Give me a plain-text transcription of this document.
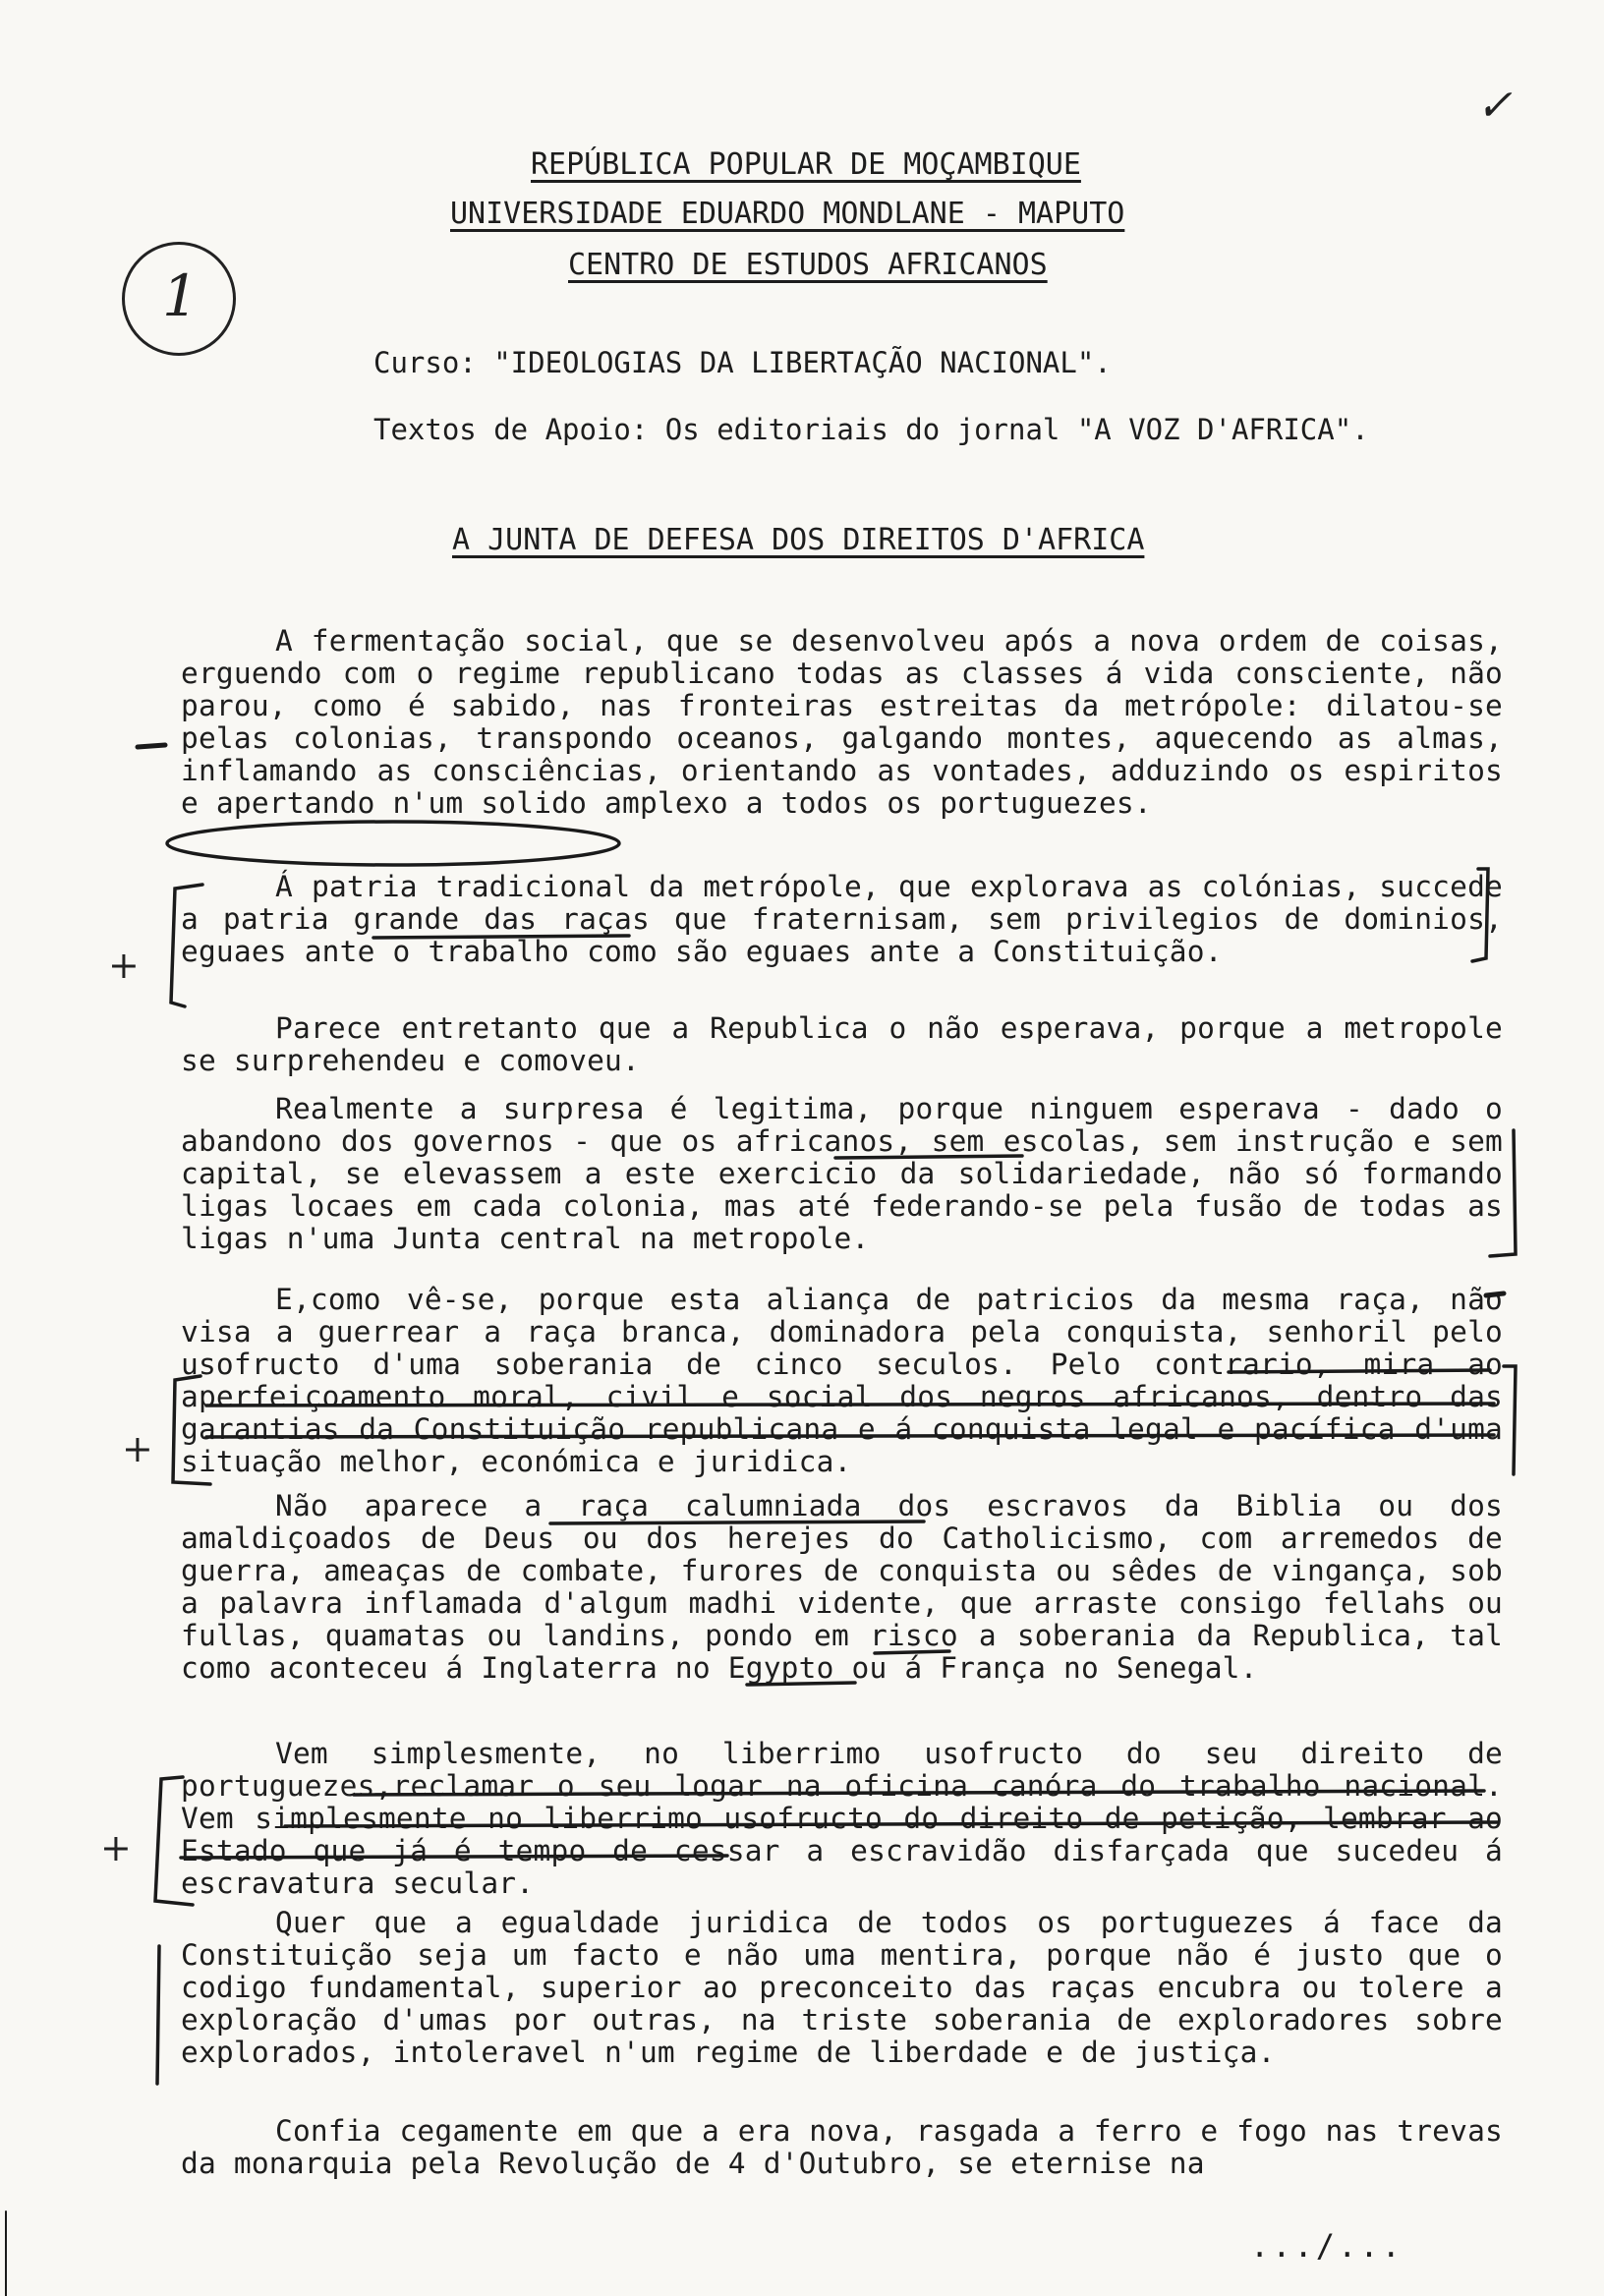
REPÚBLICA POPULAR DE MOÇAMBIQUE
UNIVERSIDADE EDUARDO MONDLANE - MAPUTO
CENTRO DE ESTUDOS AFRICANOS
Curso: "IDEOLOGIAS DA LIBERTAÇÃO NACIONAL".
Textos de Apoio: Os editoriais do jornal "A VOZ D'AFRICA".
A JUNTA DE DEFESA DOS DIREITOS D'AFRICA

A fermentação social, que se desenvolveu após a nova ordem de coisas, erguendo com o regime republicano todas as classes á vida consciente, não parou, como é sabido, nas fronteiras estreitas da metrópole: dilatou-se pelas colonias, transpondo oceanos, galgando montes, aquecendo as almas, inflamando as consciências, orientando as vontades, adduzindo os espiritos e apertando n'um solido amplexo a todos os portuguezes.

Á patria tradicional da metrópole, que explorava as colónias, succede a patria grande das raças que fraternisam, sem privilegios de dominios, eguaes ante o trabalho como são eguaes ante a Constituição.

Parece entretanto que a Republica o não esperava, porque a metropole se surprehendeu e comoveu.

Realmente a surpresa é legitima, porque ninguem esperava - dado o abandono dos governos - que os africanos, sem escolas, sem instrução e sem capital, se elevassem a este exercicio da solidariedade, não só formando ligas locaes em cada colonia, mas até federando-se pela fusão de todas as ligas n'uma Junta central na metropole.

E,como vê-se, porque esta aliança de patricios da mesma raça, não visa a guerrear a raça branca, dominadora pela conquista, senhoril pelo usofructo d'uma soberania de cinco seculos. Pelo contrario, mira ao aperfeiçoamento moral, civil e social dos negros africanos, dentro das garantias da Constituição republicana e á conquista legal e pacífica d'uma situação melhor, económica e juridica.

Não aparece a raça calumniada dos escravos da Biblia ou dos amaldiçoados de Deus ou dos herejes do Catholicismo, com arremedos de guerra, ameaças de combate, furores de conquista ou sêdes de vingança, sob a palavra inflamada d'algum madhi vidente, que arraste consigo fellahs ou fullas, quamatas ou landins, pondo em risco a soberania da Republica, tal como aconteceu á Inglaterra no Egypto ou á França no Senegal.

Vem simplesmente, no liberrimo usofructo do seu direito de portuguezes,reclamar o seu logar na oficina canóra do trabalho nacional. Vem simplesmente no liberrimo usofructo do direito de petição, lembrar ao Estado que já é tempo de cessar a escravidão disfarçada que sucedeu á escravatura secular.

Quer que a egualdade juridica de todos os portuguezes á face da Constituição seja um facto e não uma mentira, porque não é justo que o codigo fundamental, superior ao preconceito das raças encubra ou tolere a exploração d'umas por outras, na triste soberania de exploradores sobre explorados, intoleravel n'um regime de liberdade e de justiça.

Confia cegamente em que a era nova, rasgada a ferro e fogo nas trevas da monarquia pela Revolução de 4 d'Outubro, se eternise na

.../...
1
✓
+
+
+
